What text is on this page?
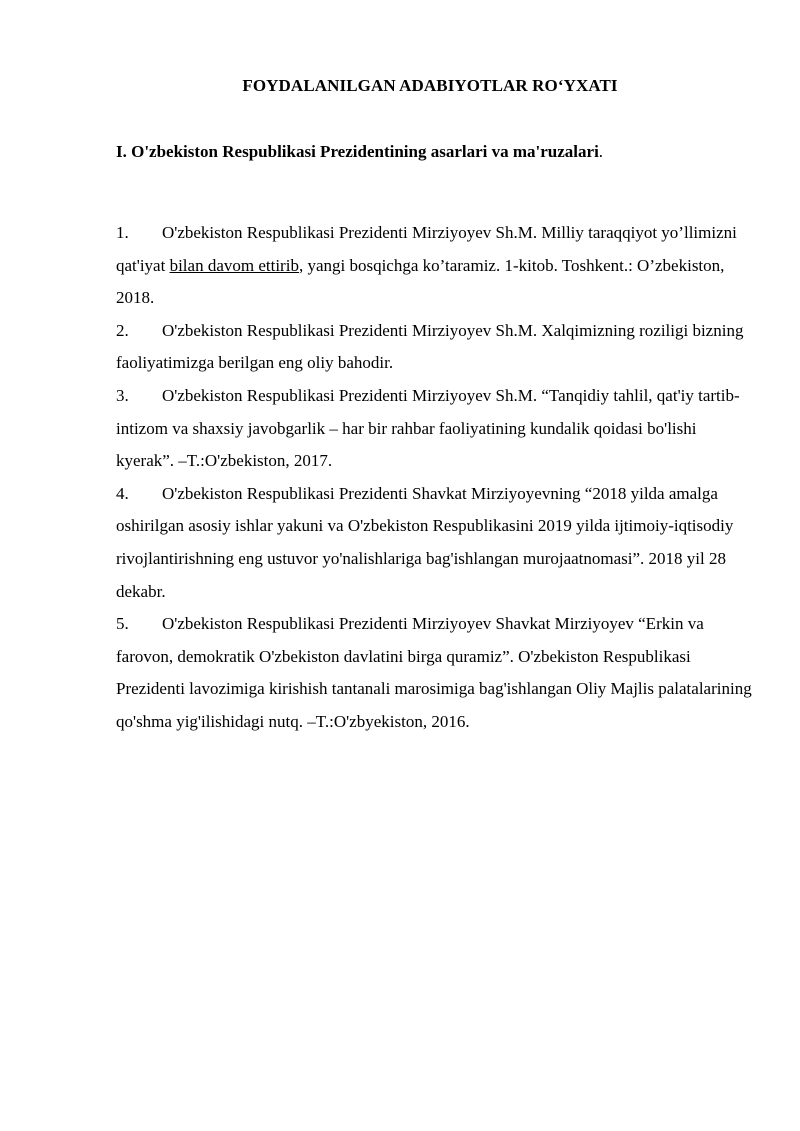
FOYDALANILGAN ADABIYOTLAR RO‘YXATI

I. O'zbekiston Respublikasi Prezidentining asarlari va ma'ruzalari.

1. O'zbekiston Respublikasi Prezidenti Mirziyoyev Sh.M. Milliy taraqqiyot yo’llimizni qat'iyat bilan davom ettirib, yangi bosqichga ko’taramiz. 1-kitob. Toshkent.: O’zbekiston, 2018.
2. O'zbekiston Respublikasi Prezidenti Mirziyoyev Sh.M. Xalqimizning roziligi bizning faoliyatimizga berilgan eng oliy bahodir.
3. O'zbekiston Respublikasi Prezidenti Mirziyoyev Sh.M. “Tanqidiy tahlil, qat'iy tartib-intizom va shaxsiy javobgarlik – har bir rahbar faoliyatining kundalik qoidasi bo'lishi kyerak”. –T.:O'zbekiston, 2017.
4. O'zbekiston Respublikasi Prezidenti Shavkat Mirziyoyevning “2018 yilda amalga oshirilgan asosiy ishlar yakuni va O'zbekiston Respublikasini 2019 yilda ijtimoiy-iqtisodiy rivojlantirishning eng ustuvor yo'nalishlariga bag'ishlangan murojaatnomasi”. 2018 yil 28 dekabr.
5. O'zbekiston Respublikasi Prezidenti Mirziyoyev Shavkat Mirziyoyev “Erkin va farovon, demokratik O'zbekiston davlatini birga quramiz”. O'zbekiston Respublikasi Prezidenti lavozimiga kirishish tantanali marosimiga bag'ishlangan Oliy Majlis palatalarining qo'shma yig'ilishidagi nutq. –T.:O'zbyekiston, 2016.
